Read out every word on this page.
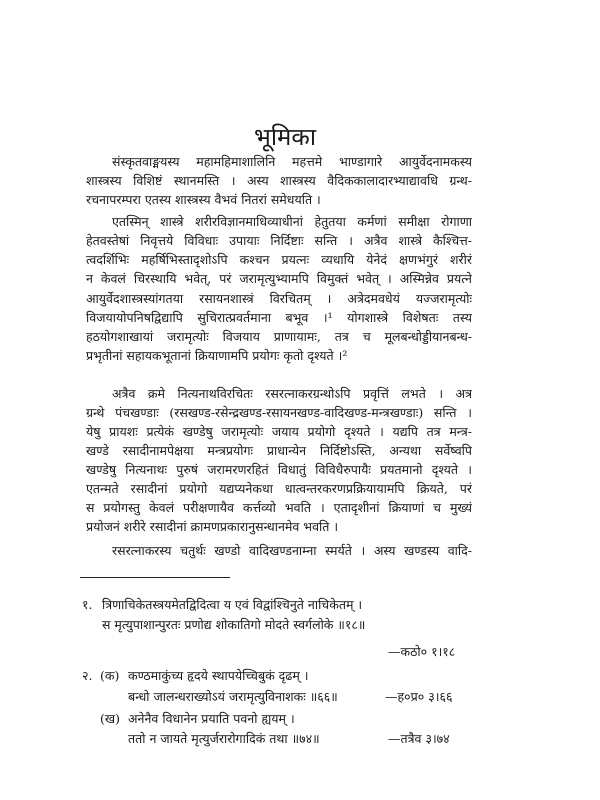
भूमिका
संस्कृतवाङ्मयस्य महामहिमाशालिनि महत्तमे भाण्डागारे आयुर्वेदनामकस्य
शास्त्रस्य विशिष्टं स्थानमस्ति । अस्य शास्त्रस्य वैदिककालादारभ्याद्यावधि ग्रन्थ-
रचनापरम्परा एतस्य शास्त्रस्य वैभवं नितरां समेधयति ।
एतस्मिन् शास्त्रे शरीरविज्ञानमाधिव्याधीनां हेतुतया कर्मणां समीक्षा रोगाणा
हेतवस्तेषां निवृत्तये विविधाः उपायाः निर्दिष्टाः सन्ति । अत्रैव शास्त्रे कैश्चित्त-
त्वदर्शिभिः महर्षिभिस्तादृशोऽपि कश्चन प्रयत्नः व्यधायि येनेदं क्षणभंगुरं शरीरं
न केवलं चिरस्थायि भवेत्, परं जरामृत्युभ्यामपि विमुक्तं भवेत् । अस्मिन्नेव प्रयत्ने
आयुर्वेदशास्त्रस्यांगतया रसायनशास्त्रं विरचितम् । अत्रेदमवधेयं यज्जरामृत्योः
विजयायोपनिषद्विद्यापि सुचिरात्प्रवर्तमाना बभूव ।¹ योगशास्त्रे विशेषतः तस्य
हठयोगशाखायां जरामृत्योः विजयाय प्राणायामः, तत्र च मूलबन्धोड्डीयानबन्ध-
प्रभृतीनां सहायकभूतानां क्रियाणामपि प्रयोगः कृतो दृश्यते ।²
अत्रैव क्रमे नित्यनाथविरचितः रसरत्नाकरग्रन्थोऽपि प्रवृत्तिं लभते । अत्र
ग्रन्थे पंचखण्डाः (रसखण्ड-रसेन्द्रखण्ड-रसायनखण्ड-वादिखण्ड-मन्त्रखण्डाः) सन्ति ।
येषु प्रायशः प्रत्येकं खण्डेषु जरामृत्योः जयाय प्रयोगो दृश्यते । यद्यपि तत्र मन्त्र-
खण्डे रसादीनामपेक्षया मन्त्रप्रयोगः प्राधान्येन निर्दिष्टोऽस्ति, अन्यथा सर्वेष्वपि
खण्डेषु नित्यनाथः पुरुषं जरामरणरहितं विधातुं विविधैरुपायैः प्रयतमानो दृश्यते ।
एतन्मते रसादीनां प्रयोगो यद्यप्यनेकधा धात्वन्तरकरणप्रक्रियायामपि क्रियते, परं
स प्रयोगस्तु केवलं परीक्षणायैव कर्त्तव्यो भवति । एतादृशीनां क्रियाणां च मुख्यं
प्रयोजनं शरीरे रसादीनां क्रामणप्रकारानुसन्धानमेव भवति ।
रसरत्नाकरस्य चतुर्थः खण्डो वादिखण्डनाम्ना स्मर्यते । अस्य खण्डस्य वादि-
१. त्रिणाचिकेतस्त्रयमेतद्विदित्वा य एवं विद्वांश्चिनुते नाचिकेतम् ।
स मृत्युपाशान्पुरतः प्रणोद्य शोकातिगो मोदते स्वर्गलोके ॥१८॥
—कठो० १।१८
२. (क) कण्ठमाकुंच्य हृदये स्थापयेच्चिबुकं दृढम् ।
बन्धो जालन्धराख्योऽयं जरामृत्युविनाशकः ॥६६॥	—ह०प्र० ३।६६
(ख) अनेनैव विधानेन प्रयाति पवनो ह्ययम् ।
ततो न जायते मृत्युर्जरारोगादिकं तथा ॥७४॥	—तत्रैव ३।७४
